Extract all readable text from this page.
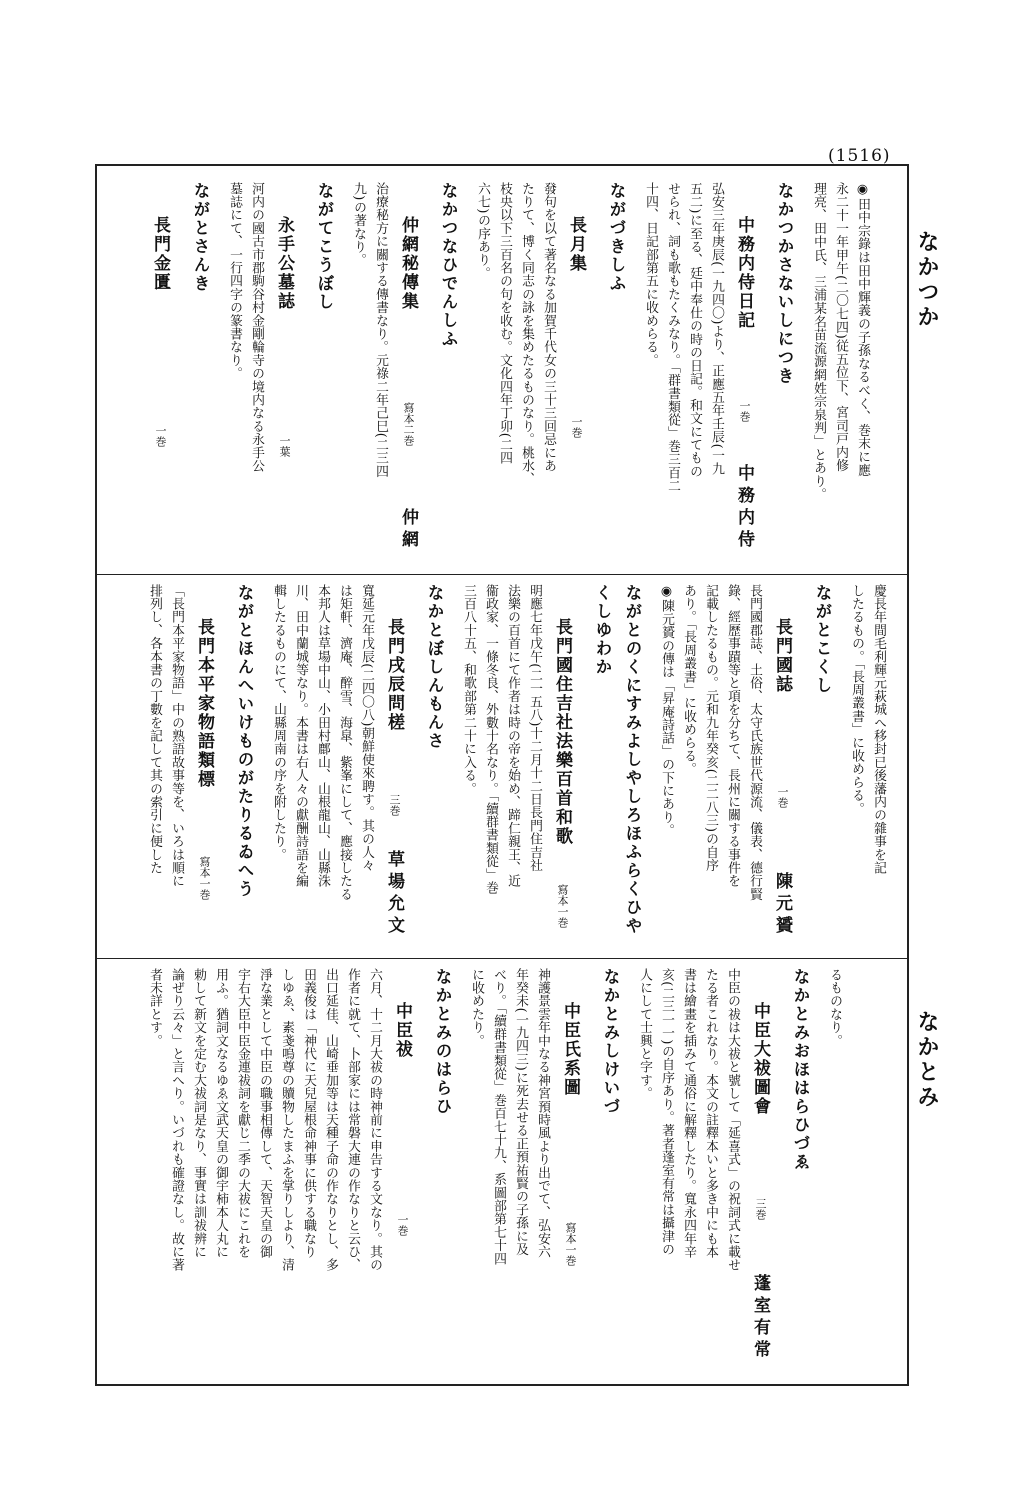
(1516)
なかつか
なかとみ
◉田中宗錄は田中輝義の子孫なるべく、巻末に應
永二十一年甲午(二〇七四)従五位下、宮司戸内修
理亮、田中氏、三浦某名苗流源網姓宗泉判」とあり。
なかつかさないしにつき
中務内侍日記
一巻
中務内侍
弘安三年庚辰(一九四〇)より、正應五年壬辰(一九
五二)に至る、廷中奉仕の時の日記。和文にてもの
せられ、詞も歌もたくみなり。「群書類從」巻三百二
十四、日記部第五に收めらる。
ながづきしふ
長月集
一巻
發句を以て著名なる加賀千代女の三十三回忌にあ
たりて、博く同志の詠を集めたるものなり。桃水、
枝央以下三百名の句を收む。文化四年丁卯(二四
六七)の序あり。
なかつなひでんしふ
仲網秘傳集
寫本二巻
仲網
治療秘方に關する傳書なり。元祿二年己巳(二三四
九)の著なり。
ながてこうぼし
永手公墓誌
一葉
河内の國古市郡駒谷村金剛輪寺の境内なる永手公
墓誌にて、一行四字の篆書なり。
ながとさんき
長門金匱
一巻
慶長年間毛利輝元萩城へ移封已後藩内の雜事を記
したるもの。「長周叢書」に收めらる。
ながとこくし
長門國誌
一巻
陳元贇
長門國郡誌、土俗、太守氏族世代源流、儀表、德行賢
錄、經歷事蹟等と項を分ちて、長州に關する事件を
記載したるもの。元和九年癸亥(二二八三)の自序
あり。「長周叢書」に收めらる。
◉陳元贇の傳は「昇庵詩話」の下にあり。
ながとのくにすみよしやしろほふらくひやくしゆわか
長門國住吉社法樂百首和歌
寫本一巻
明應七年戊午(二一五八)十二月十二日長門住吉社
法樂の百首にて作者は時の帝を始め、蹄仁親王、近
衞政家、一條冬良、外數十名なり。「續群書類從」巻
三百八十五、和歌部第二十に入る。
なかとぼしんもんさ
長門戌辰問槎
三巻
草場允文
寬延元年戊辰(二四〇八)朝鮮使來聘す。其の人々
は矩軒、濟庵、醉雪、海皐、紫峯にして、應接したる
本邦人は草場中山、小田村鄜山、山根龍山、山縣洙
川、田中蘭城等なり。本書は右人々の獻酬詩語を編
輯したるものにて、山縣周南の序を附したり。
ながとほんへいけものがたりるゐへう
長門本平家物語類標
寫本一巻
「長門本平家物語」中の熟語故事等を、いろは順に
排列し、各本書の丁數を記して其の索引に便した
るものなり。
なかとみおほはらひづゑ
中臣大祓圖會
三巻
蓬室有常
中臣の祓は大祓と號して「延喜式」の祝詞式に載せ
たる者これなり。本文の註釋本いと多き中にも本
書は繪畫を插みて通俗に解釋したり。寬永四年辛
亥(二三一一)の自序あり。著者蓬室有常は攝津の
人にして士興と字す。
なかとみしけいづ
中臣氏系圖
寫本一巻
神護景雲年中なる神宮預時風より出でて、弘安六
年癸未(一九四三)に死去せる正預祐賢の子孫に及
べり。「續群書類從」巻百七十九、系圖部第七十四
に收めたり。
なかとみのはらひ
中臣祓
一巻
六月、十二月大祓の時神前に申告する文なり。其の
作者に就て、卜部家には常磐大連の作なりと云ひ、
出口延佳、山崎垂加等は天種子命の作なりとし、多
田義俊は「神代に天兒屋根命神事に供する職なり
しゆゑ、素戔嗚尊の贖物したまふを掌りしより、清
淨な業として中臣の職事相傳して、天智天皇の御
宇右大臣中臣金連祓詞を獻じ二季の大祓にこれを
用ふ。猶詞文なるゆゑ文武天皇の御宇柿本人丸に
勅して新文を定む大祓詞是なり、事實は訓祓辨に
論ぜり云々」と言へり。いづれも確證なし。故に著
者未詳とす。
